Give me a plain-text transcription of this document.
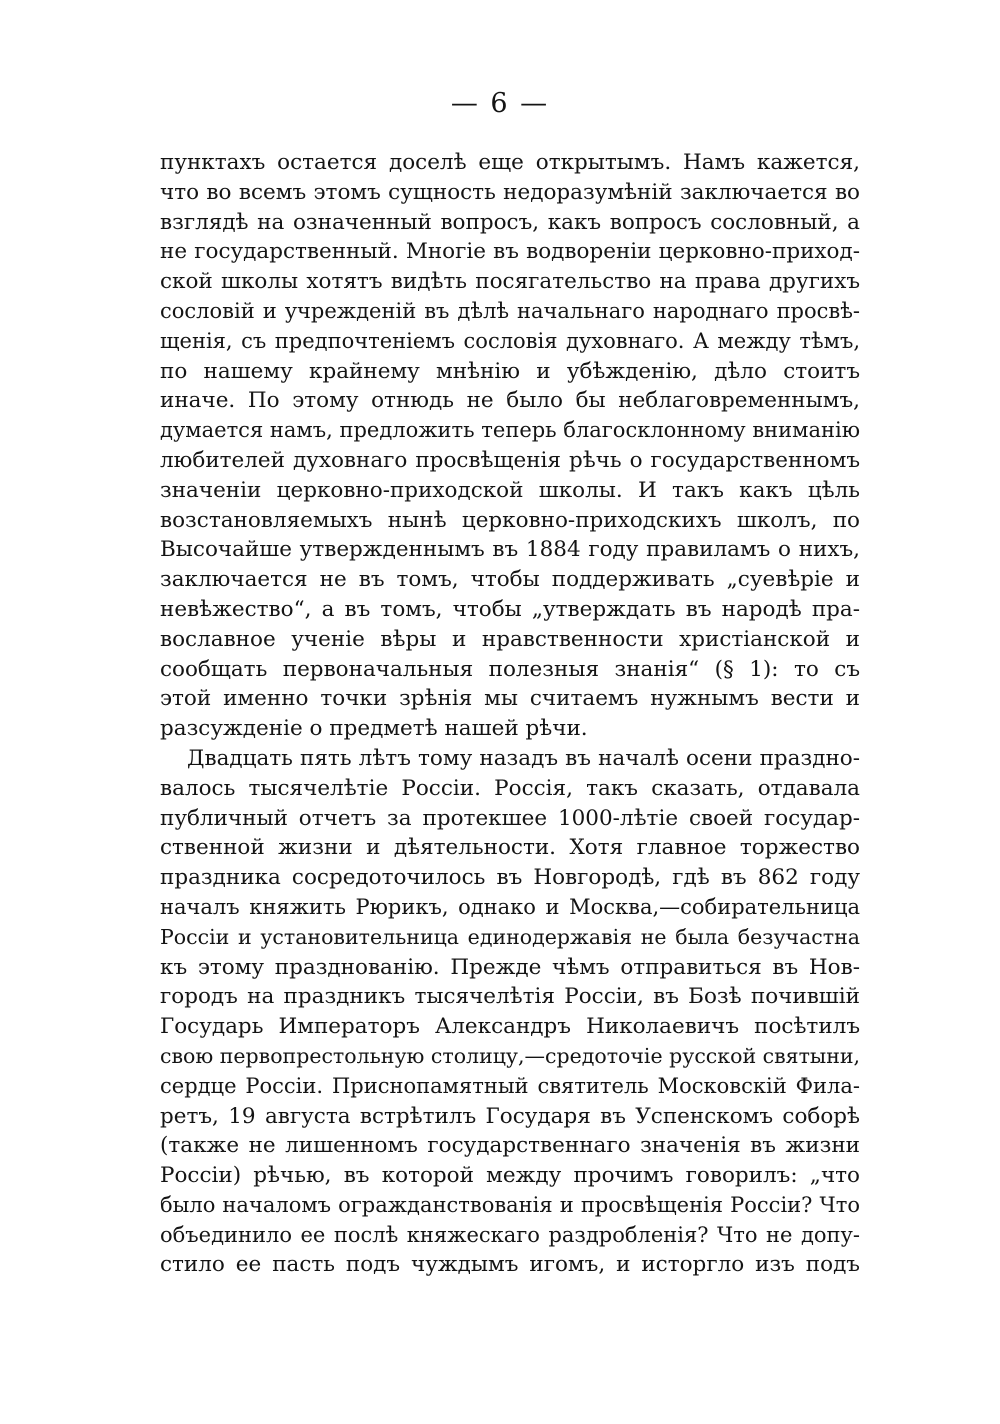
— 6 —
пунктахъ остается доселѣ еще открытымъ. Намъ кажется,
что во всемъ этомъ сущность недоразумѣній заключается во
взглядѣ на означенный вопросъ, какъ вопросъ сословный, а
не государственный. Многіе въ водвореніи церковно-приход-
ской школы хотятъ видѣть посягательство на права другихъ
сословій и учрежденій въ дѣлѣ начальнаго народнаго просвѣ-
щенія, съ предпочтеніемъ сословія духовнаго. А между тѣмъ,
по нашему крайнему мнѣнію и убѣжденію, дѣло стоитъ
иначе. По этому отнюдь не было бы неблаговременнымъ,
думается намъ, предложить теперь благосклонному вниманію
любителей духовнаго просвѣщенія рѣчь о государственномъ
значеніи церковно-приходской школы. И такъ какъ цѣль
возстановляемыхъ нынѣ церковно-приходскихъ школъ, по
Высочайше утвержденнымъ въ 1884 году правиламъ о нихъ,
заключается не въ томъ, чтобы поддерживать „суевѣріе и
невѣжество“, а въ томъ, чтобы „утверждать въ народѣ пра-
вославное ученіе вѣры и нравственности христіанской и
сообщать первоначальныя полезныя знанія“ (§ 1): то съ
этой именно точки зрѣнія мы считаемъ нужнымъ вести и
разсужденіе о предметѣ нашей рѣчи.
Двадцать пять лѣтъ тому назадъ въ началѣ осени праздно-
валось тысячелѣтіе Россіи. Россія, такъ сказать, отдавала
публичный отчетъ за протекшее 1000-лѣтіе своей государ-
ственной жизни и дѣятельности. Хотя главное торжество
праздника сосредоточилось въ Новгородѣ, гдѣ въ 862 году
началъ княжить Рюрикъ, однако и Москва,—собирательница
Россіи и установительница единодержавія не была безучастна
къ этому празднованію. Прежде чѣмъ отправиться въ Нов-
городъ на праздникъ тысячелѣтія Россіи, въ Бозѣ почившій
Государь Императоръ Александръ Николаевичъ посѣтилъ
свою первопрестольную столицу,—средоточіе русской святыни,
сердце Россіи. Приснопамятный святитель Московскій Фила-
ретъ, 19 августа встрѣтилъ Государя въ Успенскомъ соборѣ
(также не лишенномъ государственнаго значенія въ жизни
Россіи) рѣчью, въ которой между прочимъ говорилъ: „что
было началомъ огражданствованія и просвѣщенія Россіи? Что
объединило ее послѣ княжескаго раздробленія? Что не допу-
стило ее пасть подъ чуждымъ игомъ, и исторгло изъ подъ
